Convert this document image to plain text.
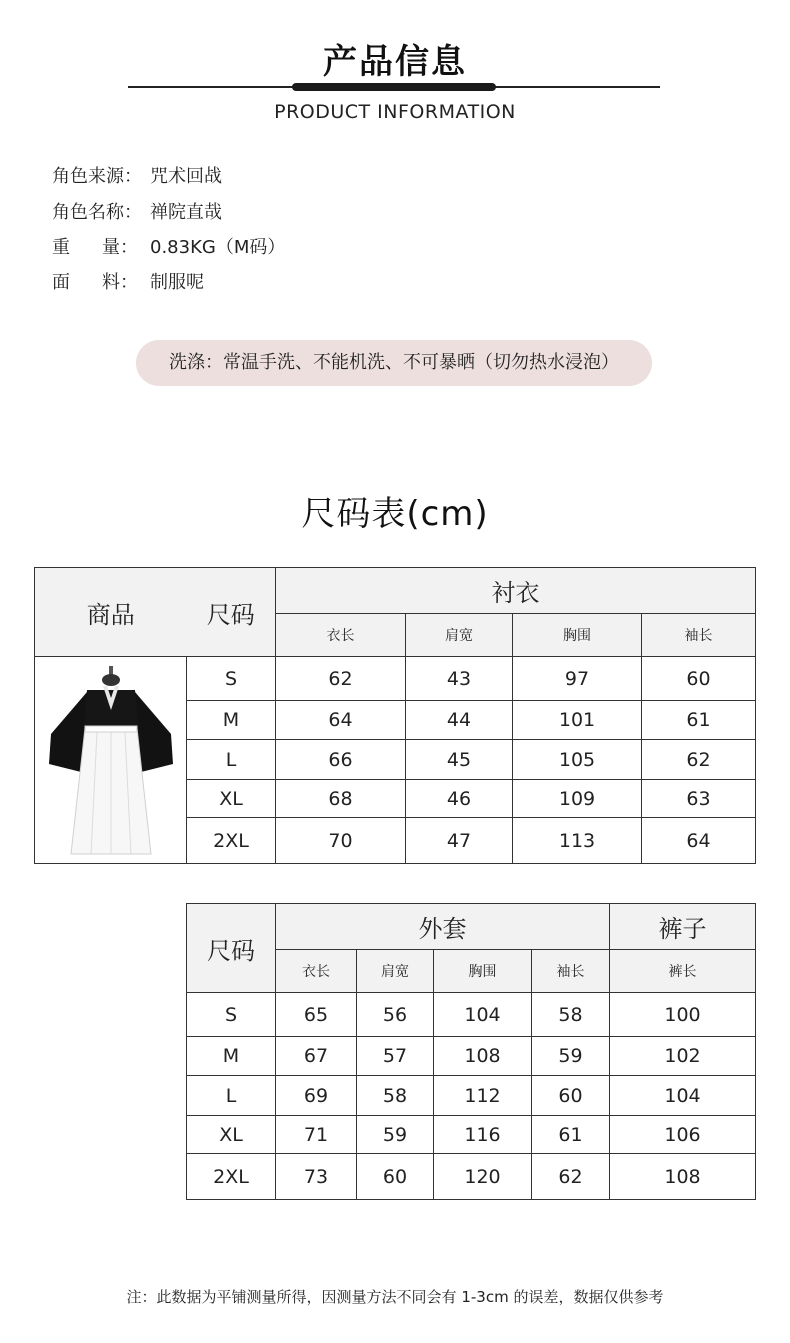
产品信息
PRODUCT INFORMATION
角色来源： 咒术回战
角色名称： 禅院直哉
重 量： 0.83KG（M码）
面 料： 制服呢
洗涤：常温手洗、不能机洗、不可暴晒（切勿热水浸泡）
尺码表(cm)
商品	尺码	衬衣			
		衣长	肩宽	胸围	袖长

	S	62	43	97	60
	M	64	44	101	61
	L	66	45	105	62
	XL	68	46	109	63
	2XL	70	47	113	64
尺码	外套				裤子
	衣长	肩宽	胸围	袖长	裤长
S	65	56	104	58	100
M	67	57	108	59	102
L	69	58	112	60	104
XL	71	59	116	61	106
2XL	73	60	120	62	108
注：此数据为平铺测量所得，因测量方法不同会有 1-3cm 的误差，数据仅供参考
